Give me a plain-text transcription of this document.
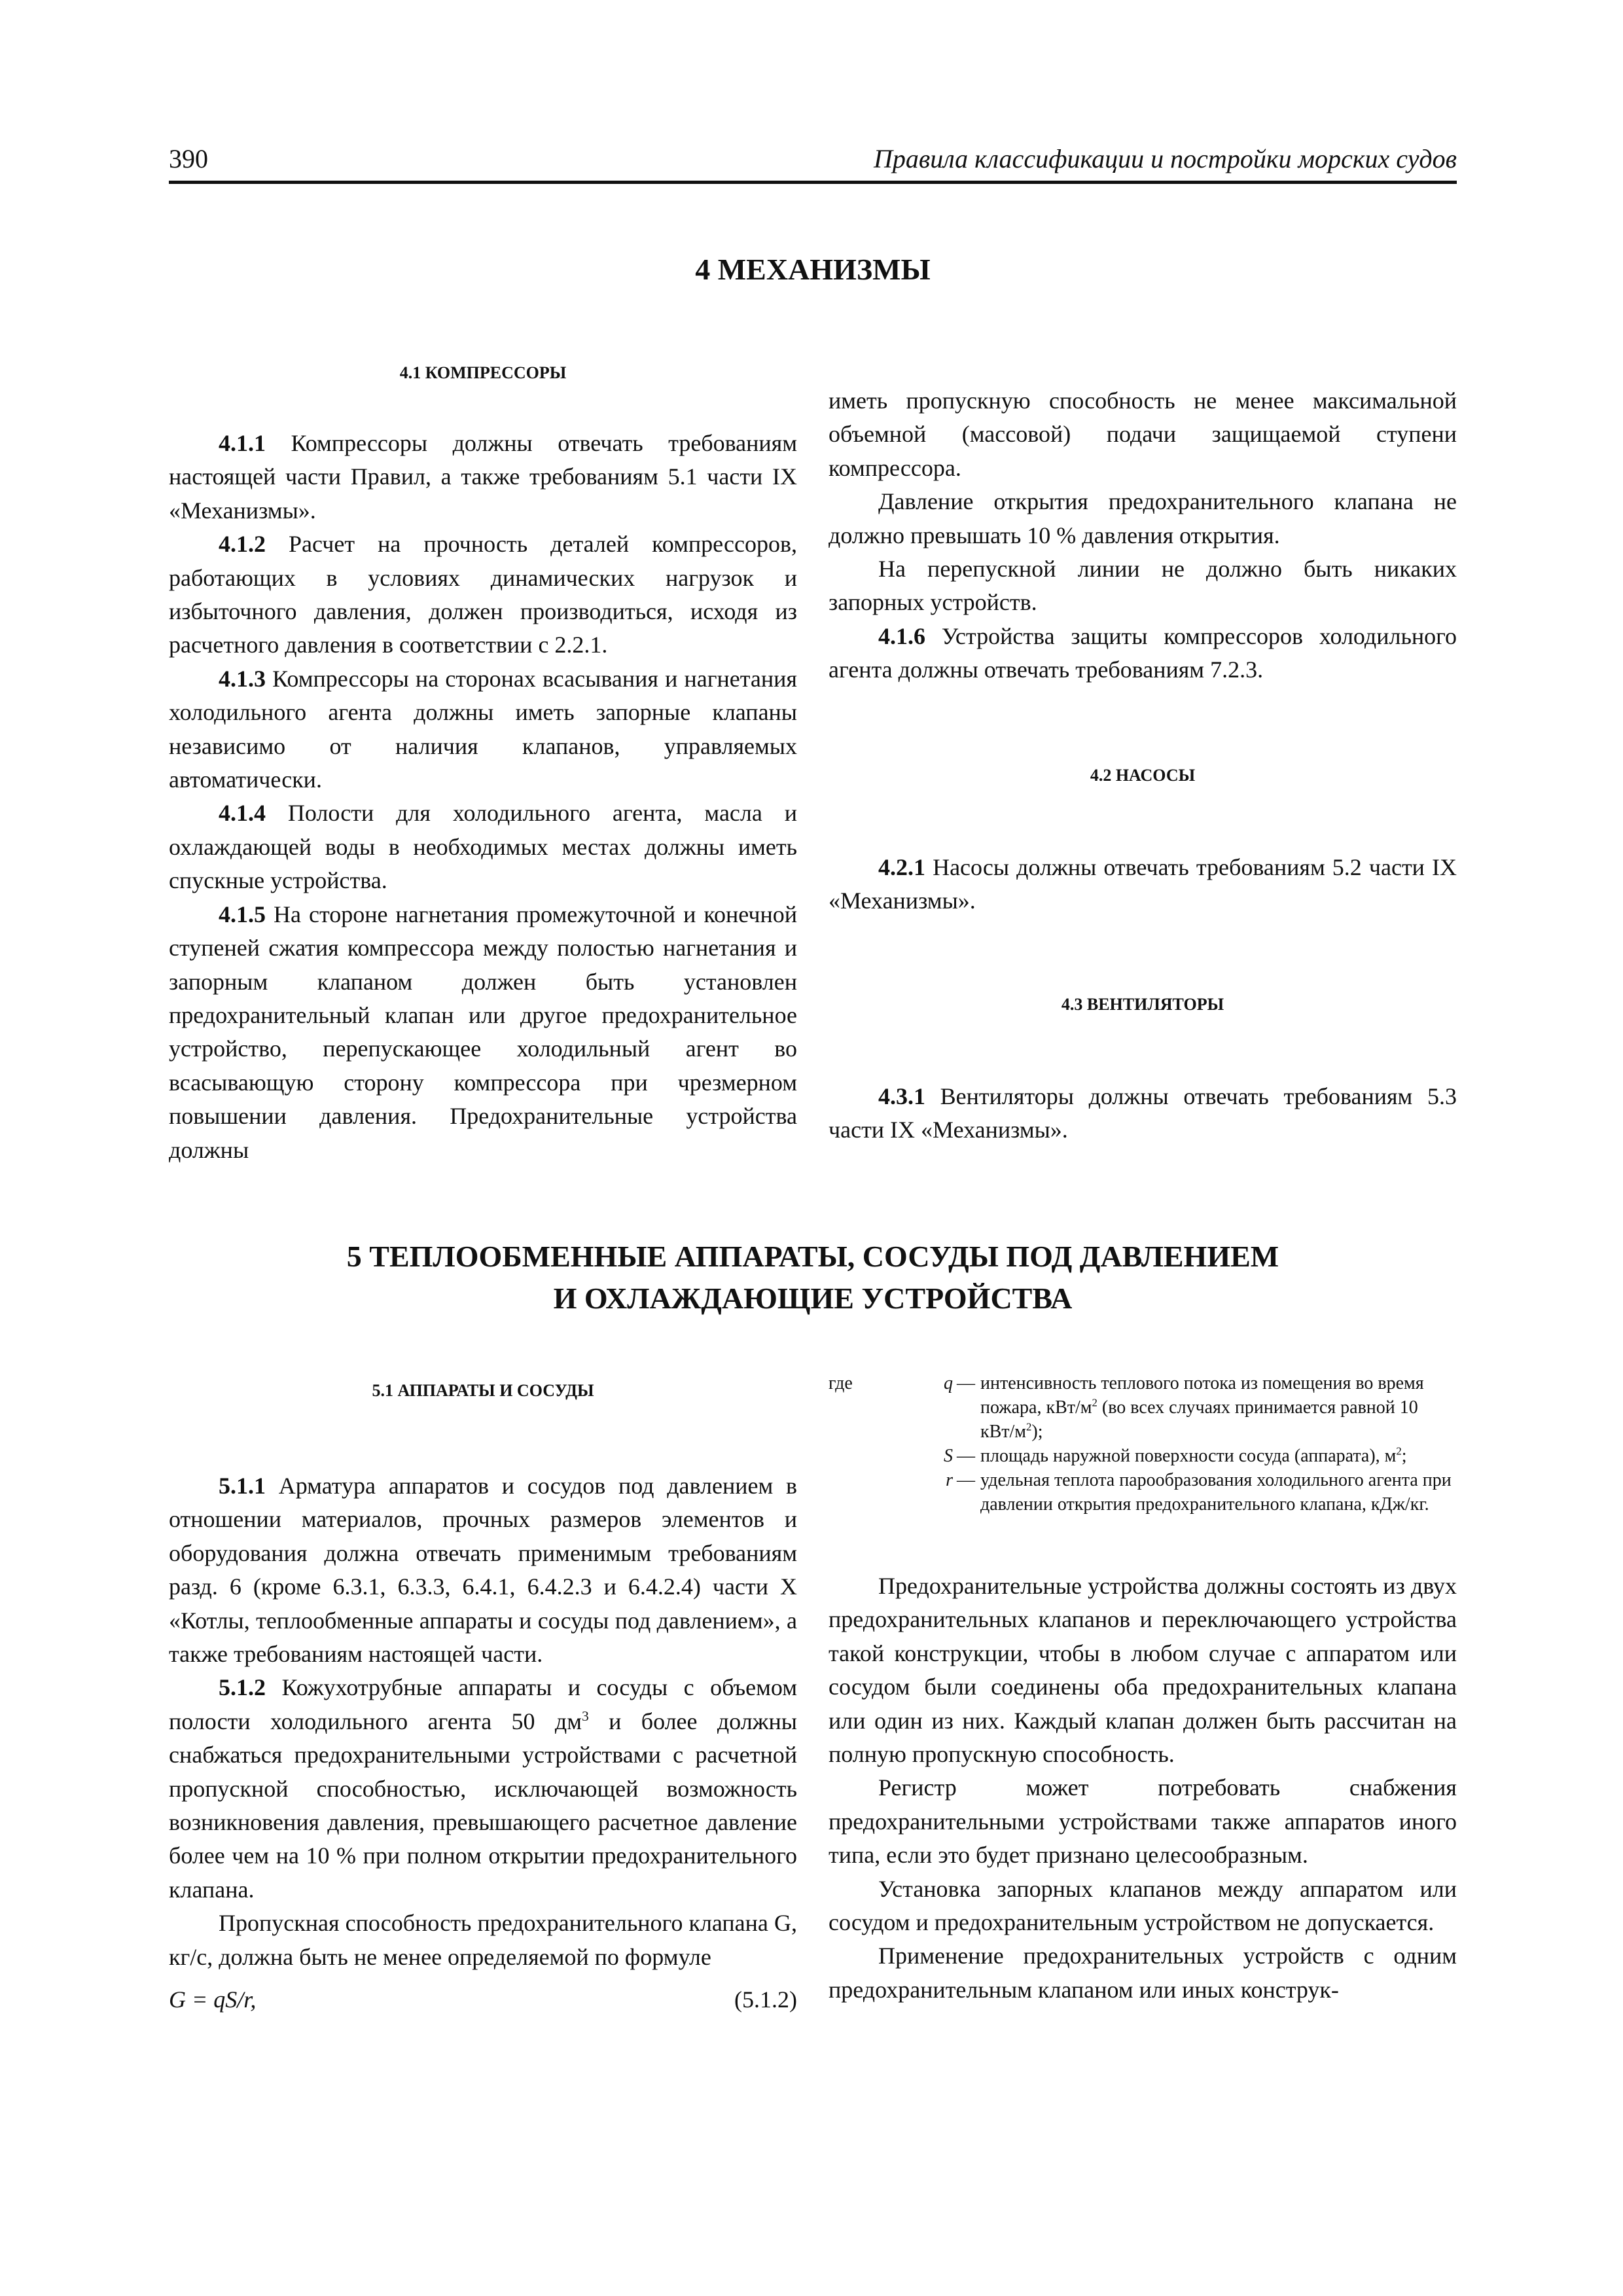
390	Правила классификации и постройки морских судов
4 МЕХАНИЗМЫ

4.1 КОМПРЕССОРЫ

4.1.1 Компрессоры должны отвечать требованиям настоящей части Правил, а также требованиям 5.1 части IX «Механизмы».

4.1.2 Расчет на прочность деталей компрессоров, работающих в условиях динамических нагрузок и избыточного давления, должен производиться, исходя из расчетного давления в соответствии с 2.2.1.

4.1.3 Компрессоры на сторонах всасывания и нагнетания холодильного агента должны иметь запорные клапаны независимо от наличия клапанов, управляемых автоматически.

4.1.4 Полости для холодильного агента, масла и охлаждающей воды в необходимых местах должны иметь спускные устройства.

4.1.5 На стороне нагнетания промежуточной и конечной ступеней сжатия компрессора между полостью нагнетания и запорным клапаном должен быть установлен предохранительный клапан или другое предохранительное устройство, перепускающее холодильный агент во всасывающую сторону компрессора при чрезмерном повышении давления. Предохранительные устройства должны

иметь пропускную способность не менее максимальной объемной (массовой) подачи защищаемой ступени компрессора.

Давление открытия предохранительного клапана не должно превышать 10 % давления открытия.

На перепускной линии не должно быть никаких запорных устройств.

4.1.6 Устройства защиты компрессоров холодильного агента должны отвечать требованиям 7.2.3.

4.2 НАСОСЫ

4.2.1 Насосы должны отвечать требованиям 5.2 части IX «Механизмы».

4.3 ВЕНТИЛЯТОРЫ

4.3.1 Вентиляторы должны отвечать требованиям 5.3 части IX «Механизмы».

5 ТЕПЛООБМЕННЫЕ АППАРАТЫ, СОСУДЫ ПОД ДАВЛЕНИЕМ
И ОХЛАЖДАЮЩИЕ УСТРОЙСТВА

5.1 АППАРАТЫ И СОСУДЫ

5.1.1 Арматура аппаратов и сосудов под давлением в отношении материалов, прочных размеров элементов и оборудования должна отвечать применимым требованиям разд. 6 (кроме 6.3.1, 6.3.3, 6.4.1, 6.4.2.3 и 6.4.2.4) части X «Котлы, теплообменные аппараты и сосуды под давлением», а также требованиям настоящей части.

5.1.2 Кожухотрубные аппараты и сосуды с объемом полости холодильного агента 50 $дм^3$ и более должны снабжаться предохранительными устройствами с расчетной пропускной способностью, исключающей возможность возникновения давления, превышающего расчетное давление более чем на 10 % при полном открытии предохранительного клапана.

Пропускная способность предохранительного клапана G, кг/с, должна быть не менее определяемой по формуле

G = qS/r,	(5.1.2)
где	q — интенсивность теплового потока из помещения во время пожара, кВт/$м^2$ (во всех случаях принимается равной 10 кВт/$м^2$);
S — площадь наружной поверхности сосуда (аппарата), $м^2$;
r — удельная теплота парообразования холодильного агента при давлении открытия предохранительного клапана, кДж/кг.

Предохранительные устройства должны состоять из двух предохранительных клапанов и переключающего устройства такой конструкции, чтобы в любом случае с аппаратом или сосудом были соединены оба предохранительных клапана или один из них. Каждый клапан должен быть рассчитан на полную пропускную способность.

Регистр может потребовать снабжения предохранительными устройствами также аппаратов иного типа, если это будет признано целесообразным.

Установка запорных клапанов между аппаратом или сосудом и предохранительным устройством не допускается.

Применение предохранительных устройств с одним предохранительным клапаном или иных конструк-
